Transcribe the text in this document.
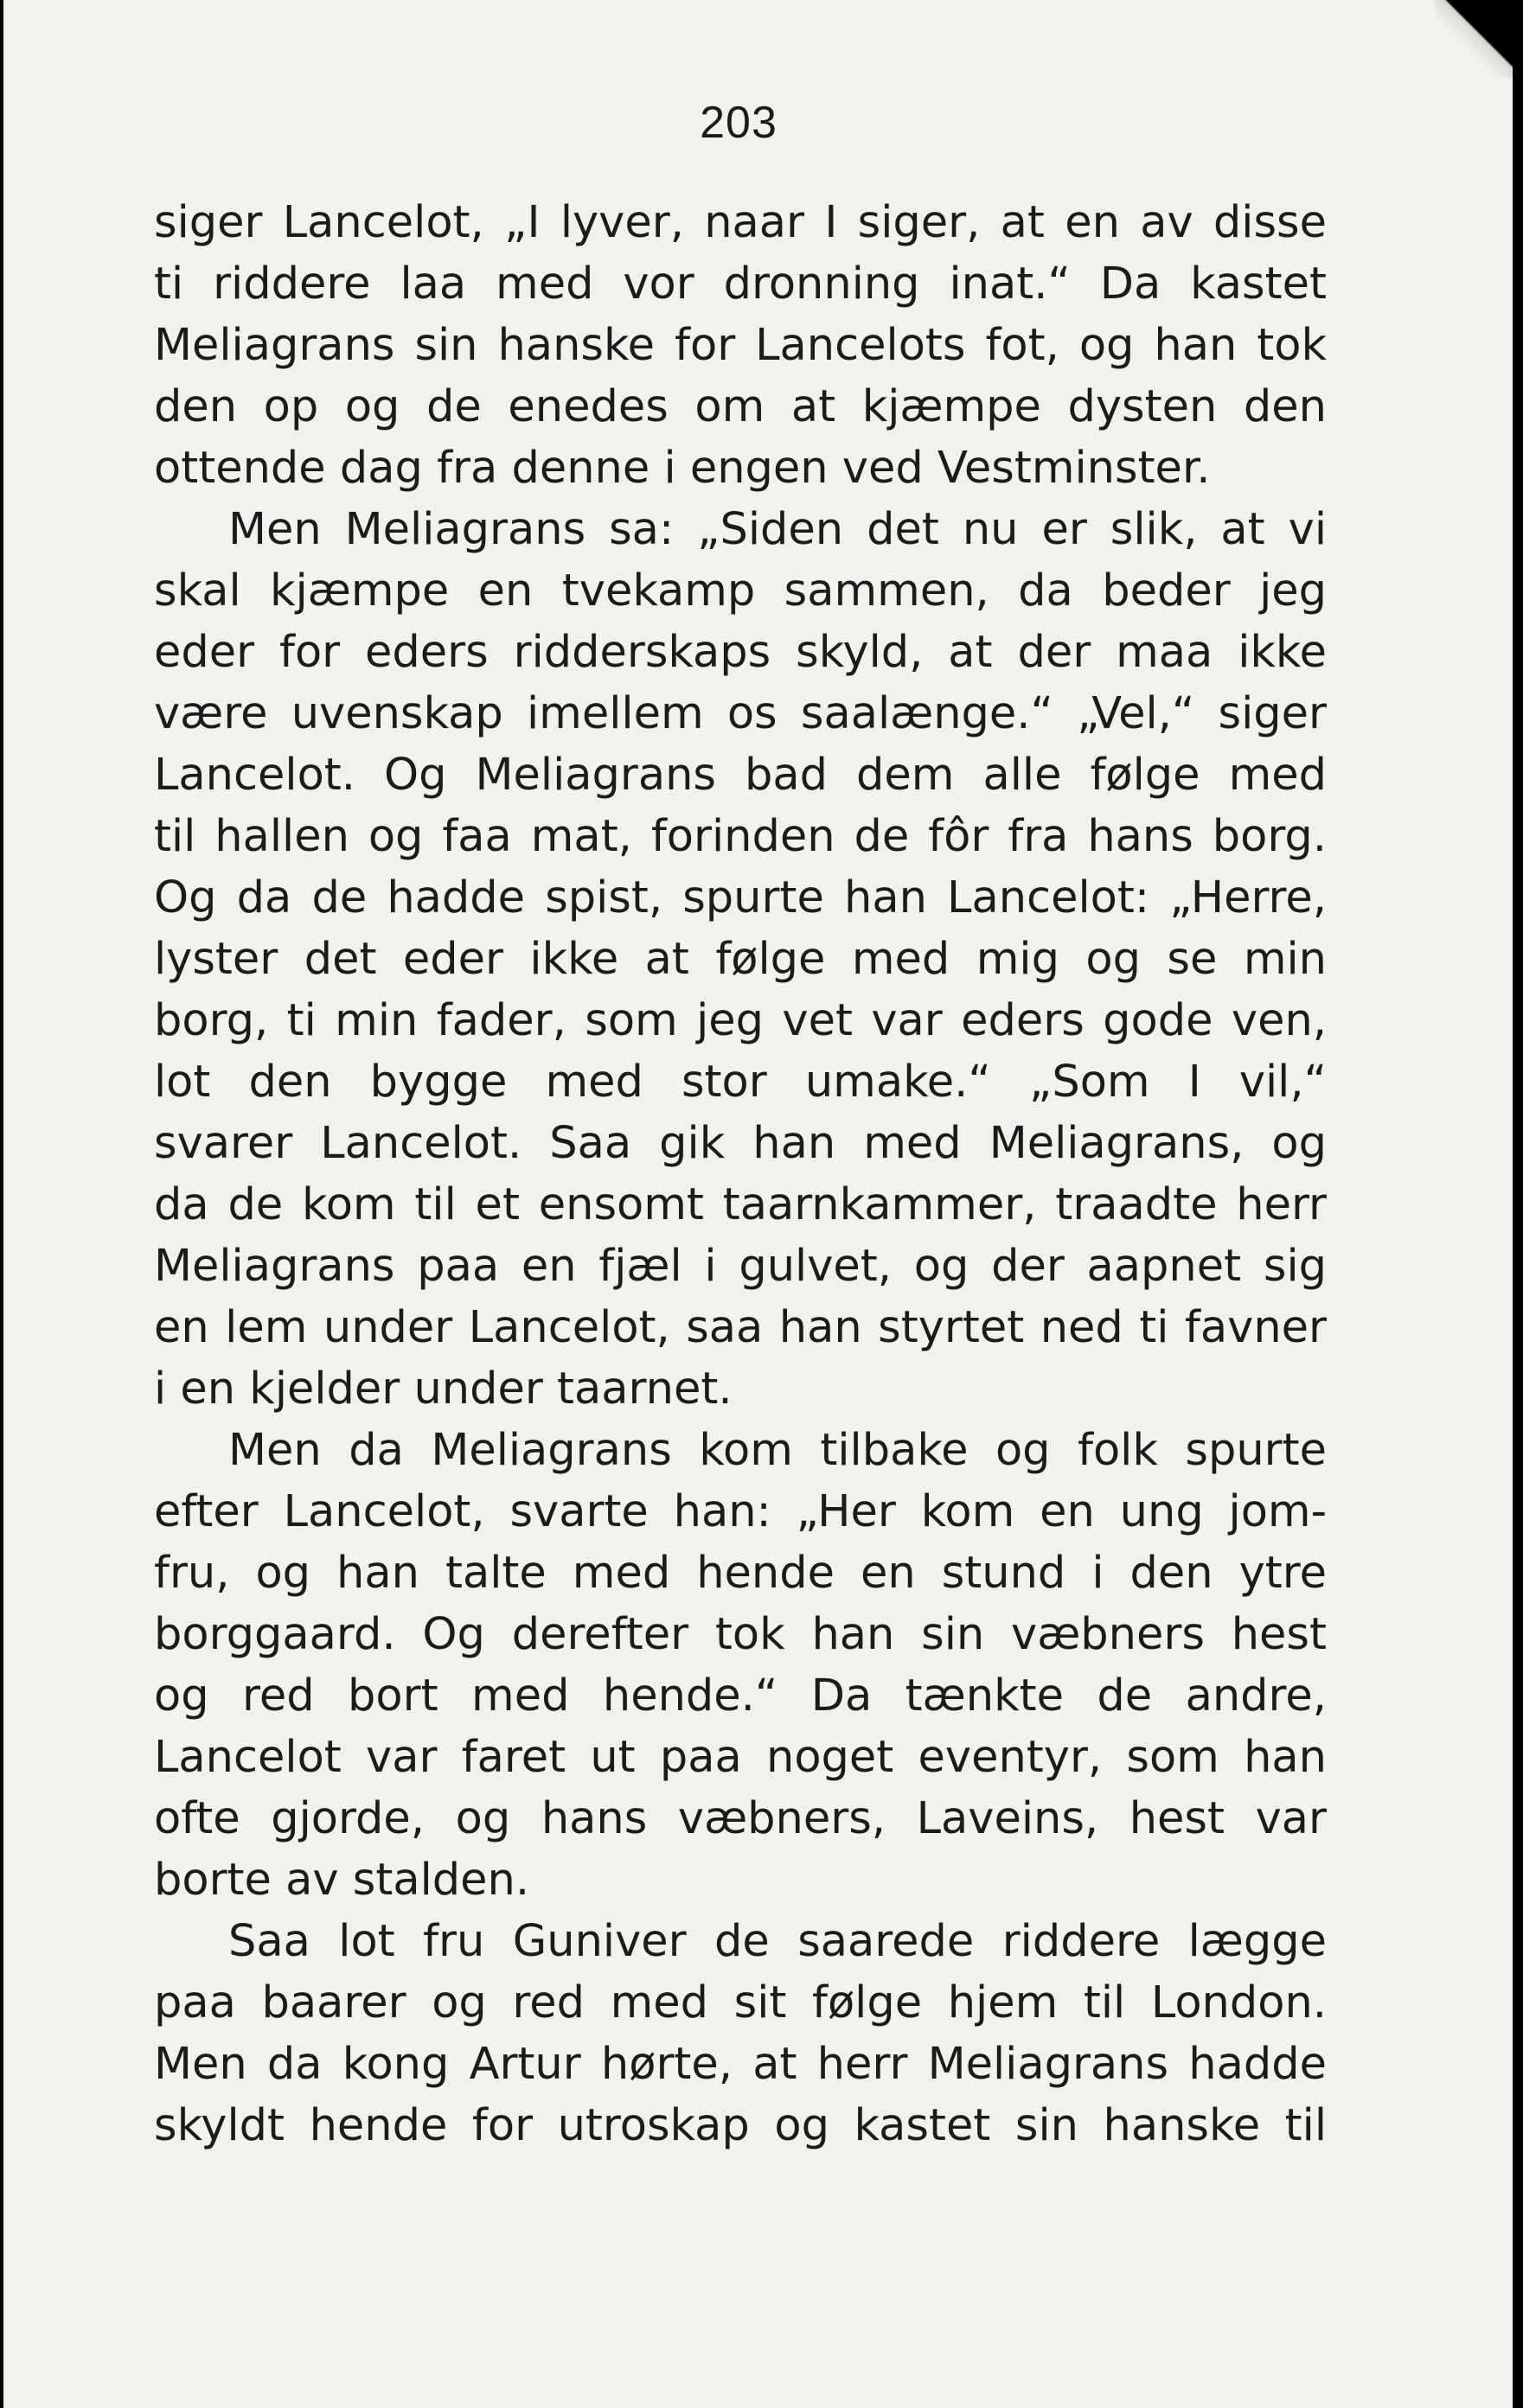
203
siger Lancelot, „I lyver, naar I siger, at en av disse
ti riddere laa med vor dronning inat.“ Da kastet
Meliagrans sin hanske for Lancelots fot, og han tok
den op og de enedes om at kjæmpe dysten den
ottende dag fra denne i engen ved Vestminster.
Men Meliagrans sa: „Siden det nu er slik, at vi
skal kjæmpe en tvekamp sammen, da beder jeg
eder for eders ridderskaps skyld, at der maa ikke
være uvenskap imellem os saalænge.“ „Vel,“ siger
Lancelot. Og Meliagrans bad dem alle følge med
til hallen og faa mat, forinden de fôr fra hans borg.
Og da de hadde spist, spurte han Lancelot: „Herre,
lyster det eder ikke at følge med mig og se min
borg, ti min fader, som jeg vet var eders gode ven,
lot den bygge med stor umake.“ „Som I vil,“
svarer Lancelot. Saa gik han med Meliagrans, og
da de kom til et ensomt taarnkammer, traadte herr
Meliagrans paa en fjæl i gulvet, og der aapnet sig
en lem under Lancelot, saa han styrtet ned ti favner
i en kjelder under taarnet.
Men da Meliagrans kom tilbake og folk spurte
efter Lancelot, svarte han: „Her kom en ung jom-
fru, og han talte med hende en stund i den ytre
borggaard. Og derefter tok han sin væbners hest
og red bort med hende.“ Da tænkte de andre,
Lancelot var faret ut paa noget eventyr, som han
ofte gjorde, og hans væbners, Laveins, hest var
borte av stalden.
Saa lot fru Guniver de saarede riddere lægge
paa baarer og red med sit følge hjem til London.
Men da kong Artur hørte, at herr Meliagrans hadde
skyldt hende for utroskap og kastet sin hanske til
